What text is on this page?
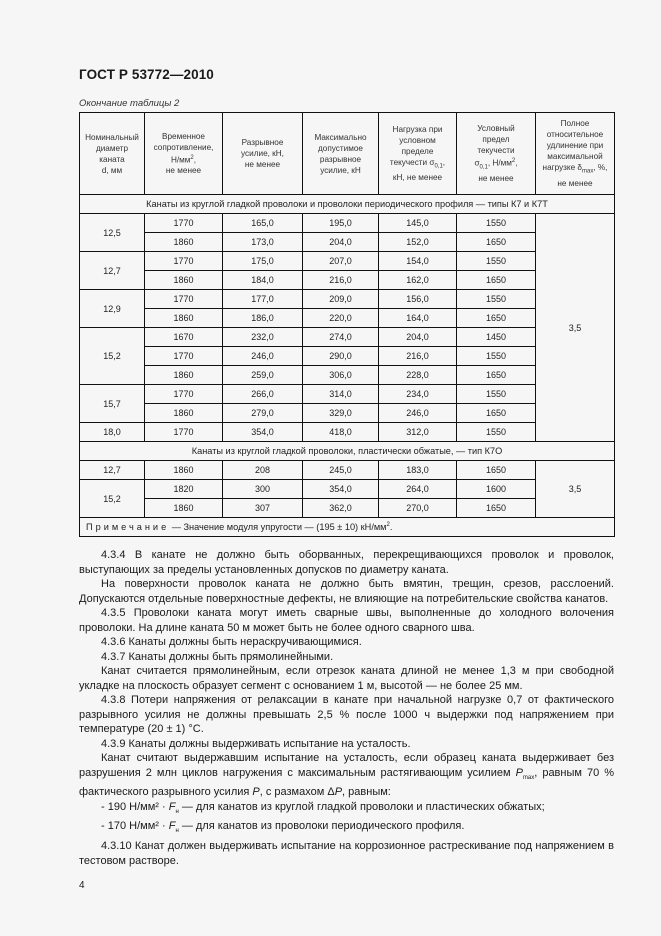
ГОСТ Р 53772—2010
Окончание таблицы 2
Номинальный
диаметр
каната
d, мм	Временное
сопротивление,
$Н/мм^2$,
не менее	Разрывное
усилие, кН,
не менее	Максимально
допустимое
разрывное
усилие, кН	Нагрузка при
условном
пределе
текучести $\sigma_{0,1}$,
кН, не менее	Условный
предел
текучести
$\sigma_{0,1}$, $Н/мм^2$,
не менее	Полное
относительное
удлинение при
максимальной
нагрузке $\delta_{max}$, %,
не менее
Канаты из круглой гладкой проволоки и проволоки периодического профиля — типы К7 и К7Т						
12,5	1770	165,0	195,0	145,0	1550	3,5
	1860	173,0	204,0	152,0	1650	
12,7	1770	175,0	207,0	154,0	1550	
	1860	184,0	216,0	162,0	1650	
12,9	1770	177,0	209,0	156,0	1550	
	1860	186,0	220,0	164,0	1650	
15,2	1670	232,0	274,0	204,0	1450	
	1770	246,0	290,0	216,0	1550	
	1860	259,0	306,0	228,0	1650	
15,7	1770	266,0	314,0	234,0	1550	
	1860	279,0	329,0	246,0	1650	
18,0	1770	354,0	418,0	312,0	1550	
Канаты из круглой гладкой проволоки, пластически обжатые, — тип К7О						
12,7	1860	208	245,0	183,0	1650	3,5
15,2	1820	300	354,0	264,0	1600	
	1860	307	362,0	270,0	1650	
Примечание — Значение модуля упругости — (195 ± 10) $кН/мм^2$.						

4.3.4 В канате не должно быть оборванных, перекрещивающихся проволок и проволок, выступающих за пределы установленных допусков по диаметру каната.

На поверхности проволок каната не должно быть вмятин, трещин, срезов, расслоений. Допускаются отдельные поверхностные дефекты, не влияющие на потребительские свойства канатов.

4.3.5 Проволоки каната могут иметь сварные швы, выполненные до холодного волочения проволоки. На длине каната 50 м может быть не более одного сварного шва.

4.3.6 Канаты должны быть нераскручивающимися.

4.3.7 Канаты должны быть прямолинейными.

Канат считается прямолинейным, если отрезок каната длиной не менее 1,3 м при свободной укладке на плоскость образует сегмент с основанием 1 м, высотой — не более 25 мм.

4.3.8 Потери напряжения от релаксации в канате при начальной нагрузке 0,7 от фактического разрывного усилия не должны превышать 2,5 % после 1000 ч выдержки под напряжением при температуре (20 ± 1) °С.

4.3.9 Канаты должны выдерживать испытание на усталость.

Канат считают выдержавшим испытание на усталость, если образец каната выдерживает без разрушения 2 млн циклов нагружения с максимальным растягивающим усилием $P_{max}$, равным 70 % фактического разрывного усилия P, с размахом ΔP, равным:

- 190 $Н/мм^2 \cdot F_н$ — для канатов из круглой гладкой проволоки и пластических обжатых;

- 170 $Н/мм^2 \cdot F_н$ — для канатов из проволоки периодического профиля.

4.3.10 Канат должен выдерживать испытание на коррозионное растрескивание под напряжением в тестовом растворе.

4
